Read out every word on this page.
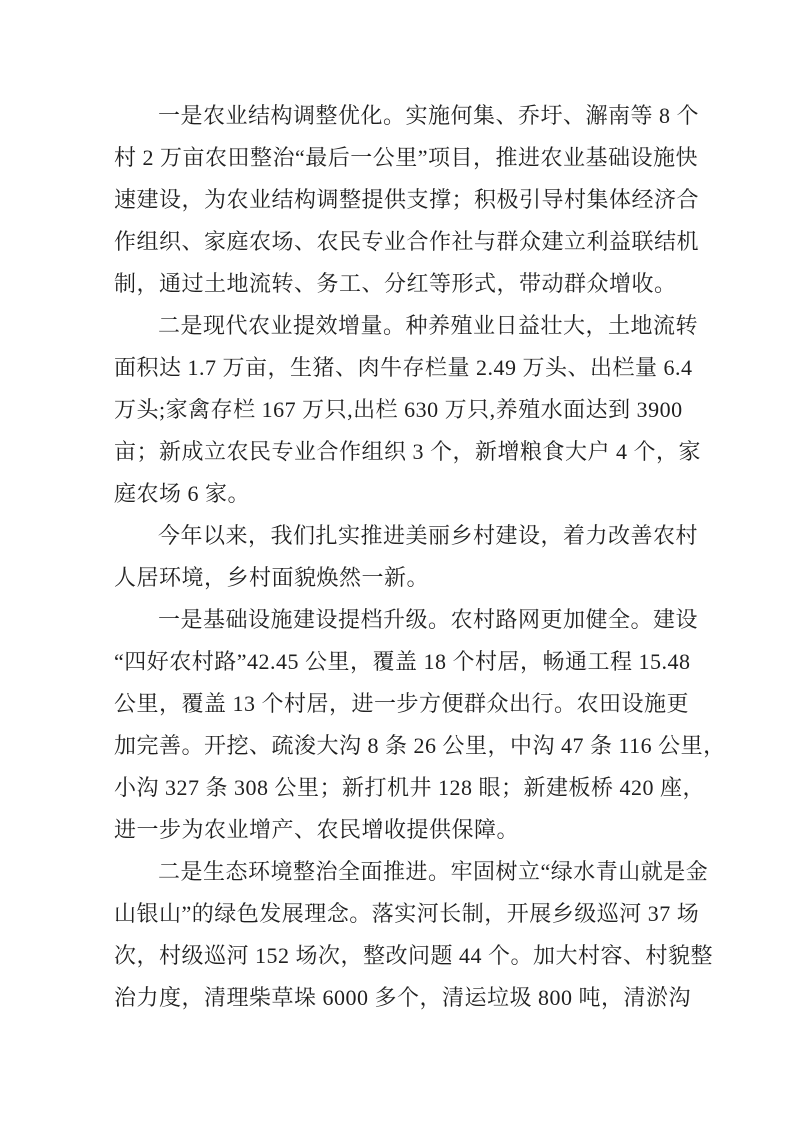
一是农业结构调整优化。实施何集、乔圩、澥南等 8 个
村 2 万亩农田整治“最后一公里”项目，推进农业基础设施快
速建设，为农业结构调整提供支撑；积极引导村集体经济合
作组织、家庭农场、农民专业合作社与群众建立利益联结机
制，通过土地流转、务工、分红等形式，带动群众增收。
二是现代农业提效增量。种养殖业日益壮大，土地流转
面积达 1.7 万亩，生猪、肉牛存栏量 2.49 万头、出栏量 6.4
万头;家禽存栏 167 万只,出栏 630 万只,养殖水面达到 3900
亩；新成立农民专业合作组织 3 个，新增粮食大户 4 个，家
庭农场 6 家。
今年以来，我们扎实推进美丽乡村建设，着力改善农村
人居环境，乡村面貌焕然一新。
一是基础设施建设提档升级。农村路网更加健全。建设
“四好农村路”42.45 公里，覆盖 18 个村居，畅通工程 15.48
公里，覆盖 13 个村居，进一步方便群众出行。农田设施更
加完善。开挖、疏浚大沟 8 条 26 公里，中沟 47 条 116 公里，
小沟 327 条 308 公里；新打机井 128 眼；新建板桥 420 座，
进一步为农业增产、农民增收提供保障。
二是生态环境整治全面推进。牢固树立“绿水青山就是金
山银山”的绿色发展理念。落实河长制，开展乡级巡河 37 场
次，村级巡河 152 场次，整改问题 44 个。加大村容、村貌整
治力度，清理柴草垛 6000 多个，清运垃圾 800 吨，清淤沟
